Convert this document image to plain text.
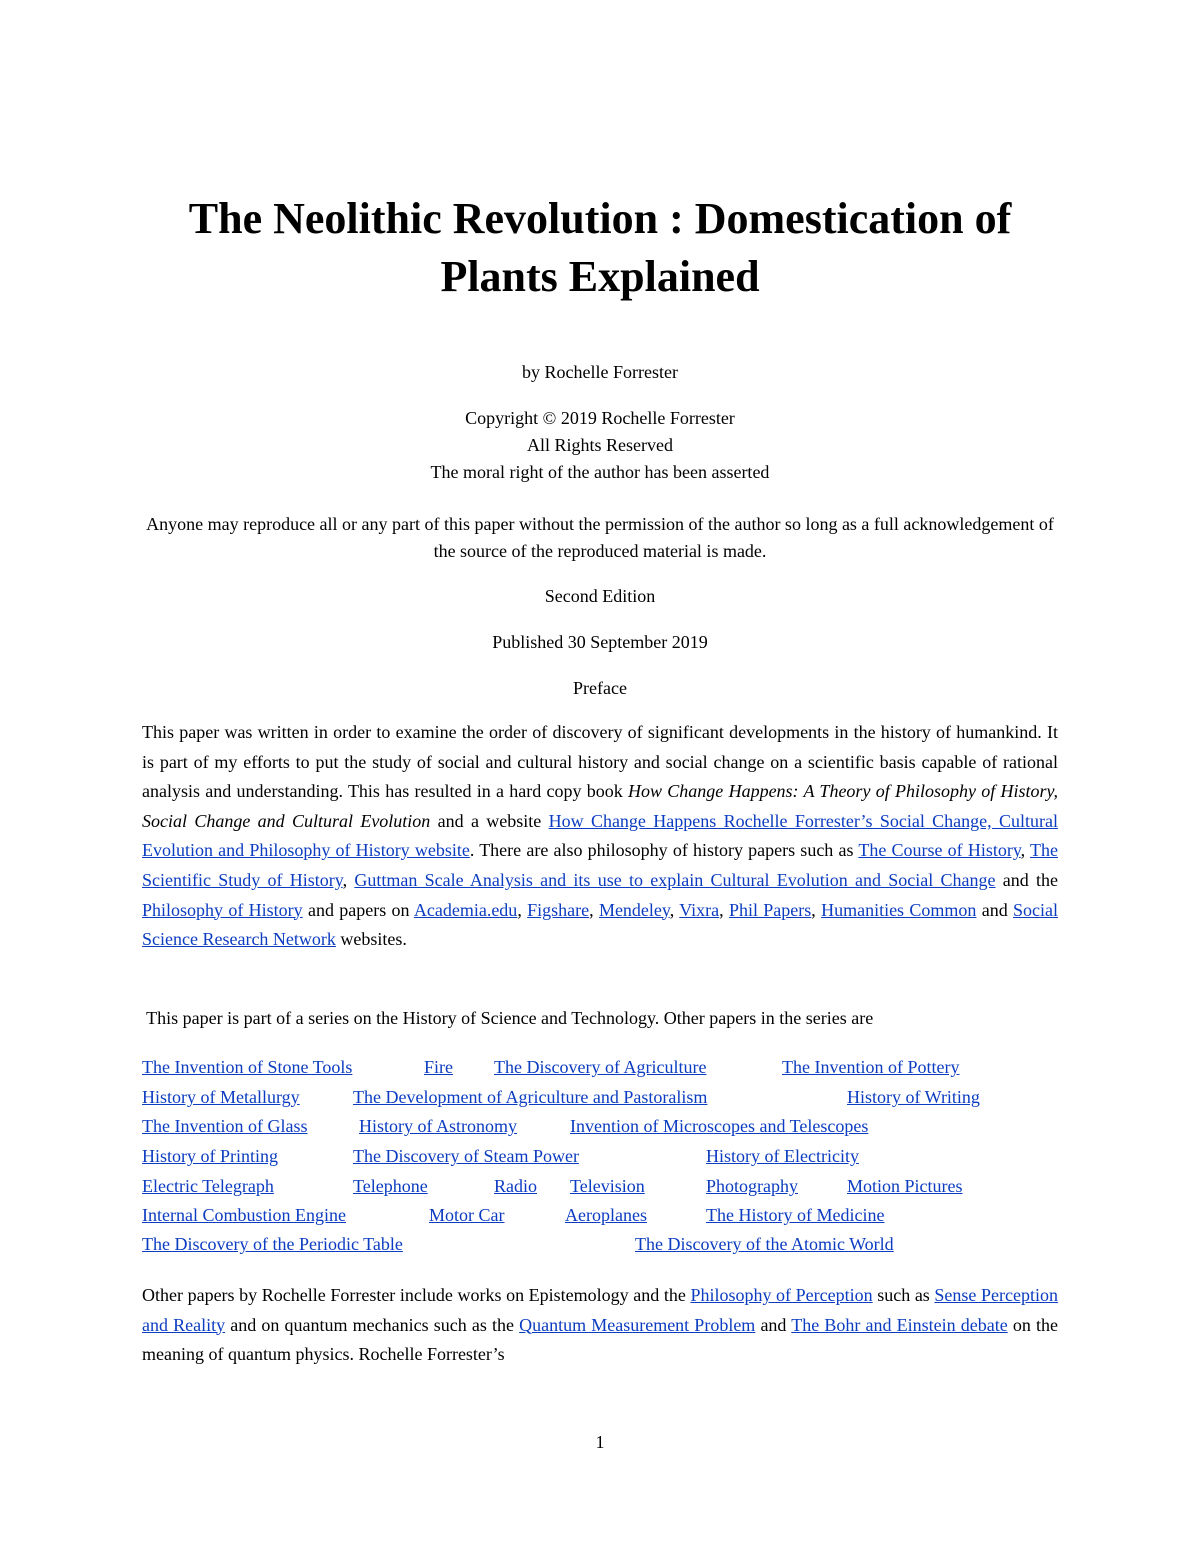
The Neolithic Revolution : Domestication of Plants Explained
by Rochelle Forrester
Copyright © 2019 Rochelle Forrester
All Rights Reserved
The moral right of the author has been asserted
Anyone may reproduce all or any part of this paper without the permission of the author so long as a full acknowledgement of the source of the reproduced material is made.
Second Edition
Published 30 September 2019
Preface
This paper was written in order to examine the order of discovery of significant developments in the history of humankind. It is part of my efforts to put the study of social and cultural history and social change on a scientific basis capable of rational analysis and understanding. This has resulted in a hard copy book How Change Happens: A Theory of Philosophy of History, Social Change and Cultural Evolution and a website How Change Happens Rochelle Forrester’s Social Change, Cultural Evolution and Philosophy of History website. There are also philosophy of history papers such as The Course of History, The Scientific Study of History, Guttman Scale Analysis and its use to explain Cultural Evolution and Social Change and the Philosophy of History and papers on Academia.edu, Figshare, Mendeley, Vixra, Phil Papers, Humanities Common and Social Science Research Network websites.
This paper is part of a series on the History of Science and Technology. Other papers in the series are
The Invention of Stone Tools	Fire The Discovery of Agriculture	The Invention of Pottery
History of Metallurgy	The Development of Agriculture and Pastoralism	History of Writing
The Invention of Glass	History of Astronomy	Invention of Microscopes and Telescopes
History of Printing	The Discovery of Steam Power	History of Electricity
Electric Telegraph	Telephone	Radio Television	Photography	Motion Pictures
Internal Combustion Engine	Motor Car	Aeroplanes	The History of Medicine
The Discovery of the Periodic Table	The Discovery of the Atomic World
Other papers by Rochelle Forrester include works on Epistemology and the Philosophy of Perception such as Sense Perception and Reality and on quantum mechanics such as the Quantum Measurement Problem and The Bohr and Einstein debate on the meaning of quantum physics. Rochelle Forrester’s
1
